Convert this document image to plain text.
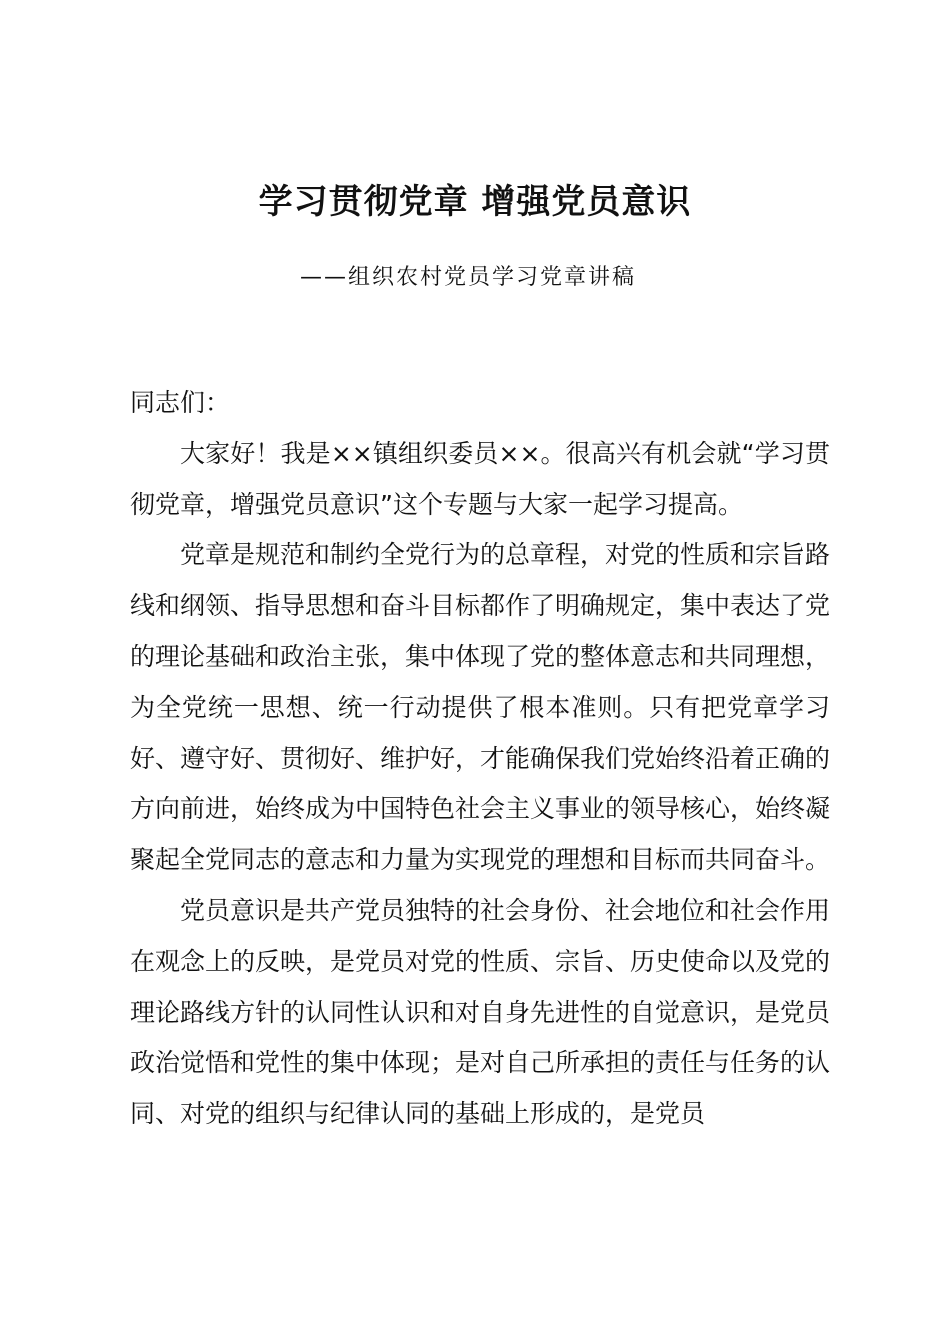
学习贯彻党章 增强党员意识

——组织农村党员学习党章讲稿

同志们：

大家好！我是××镇组织委员××。很高兴有机会就“学习贯彻党章，增强党员意识”这个专题与大家一起学习提高。

党章是规范和制约全党行为的总章程，对党的性质和宗旨路线和纲领、指导思想和奋斗目标都作了明确规定，集中表达了党的理论基础和政治主张，集中体现了党的整体意志和共同理想，为全党统一思想、统一行动提供了根本准则。只有把党章学习好、遵守好、贯彻好、维护好，才能确保我们党始终沿着正确的方向前进，始终成为中国特色社会主义事业的领导核心，始终凝聚起全党同志的意志和力量为实现党的理想和目标而共同奋斗。

党员意识是共产党员独特的社会身份、社会地位和社会作用在观念上的反映，是党员对党的性质、宗旨、历史使命以及党的理论路线方针的认同性认识和对自身先进性的自觉意识，是党员政治觉悟和党性的集中体现；是对自己所承担的责任与任务的认同、对党的组织与纪律认同的基础上形成的，是党员
